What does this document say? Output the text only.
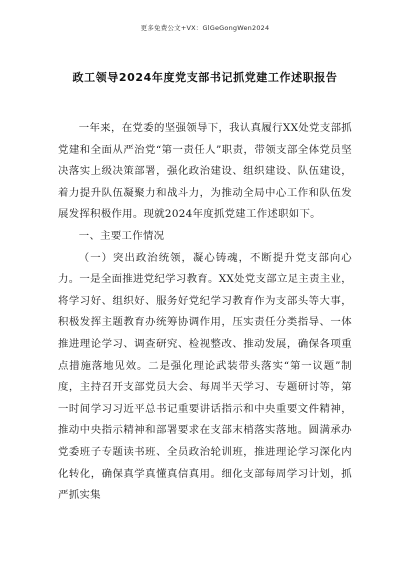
更多免费公文+VX：GlGeGongWen2024
政工领导2024年度党支部书记抓党建工作述职报告

一年来，在党委的坚强领导下，我认真履行XX处党支部抓党建和全面从严治党“第一责任人”职责，带领支部全体党员坚决落实上级决策部署，强化政治建设、组织建设、队伍建设，着力提升队伍凝聚力和战斗力，为推动全局中心工作和队伍发展发挥积极作用。现就2024年度抓党建工作述职如下。

一、主要工作情况

（一）突出政治统领，凝心铸魂，不断提升党支部向心力。一是全面推进党纪学习教育。XX处党支部立足主责主业，将学习好、组织好、服务好党纪学习教育作为支部头等大事，积极发挥主题教育办统筹协调作用，压实责任分类指导、一体推进理论学习、调查研究、检视整改、推动发展，确保各项重点措施落地见效。二是强化理论武装带头落实“第一议题”制度，主持召开支部党员大会、每周半天学习、专题研讨等，第一时间学习习近平总书记重要讲话指示和中央重要文件精神，推动中央指示精神和部署要求在支部末梢落实落地。圆满承办党委班子专题读书班、全员政治轮训班，推进理论学习深化内化转化，确保真学真懂真信真用。细化支部每周学习计划，抓严抓实集
